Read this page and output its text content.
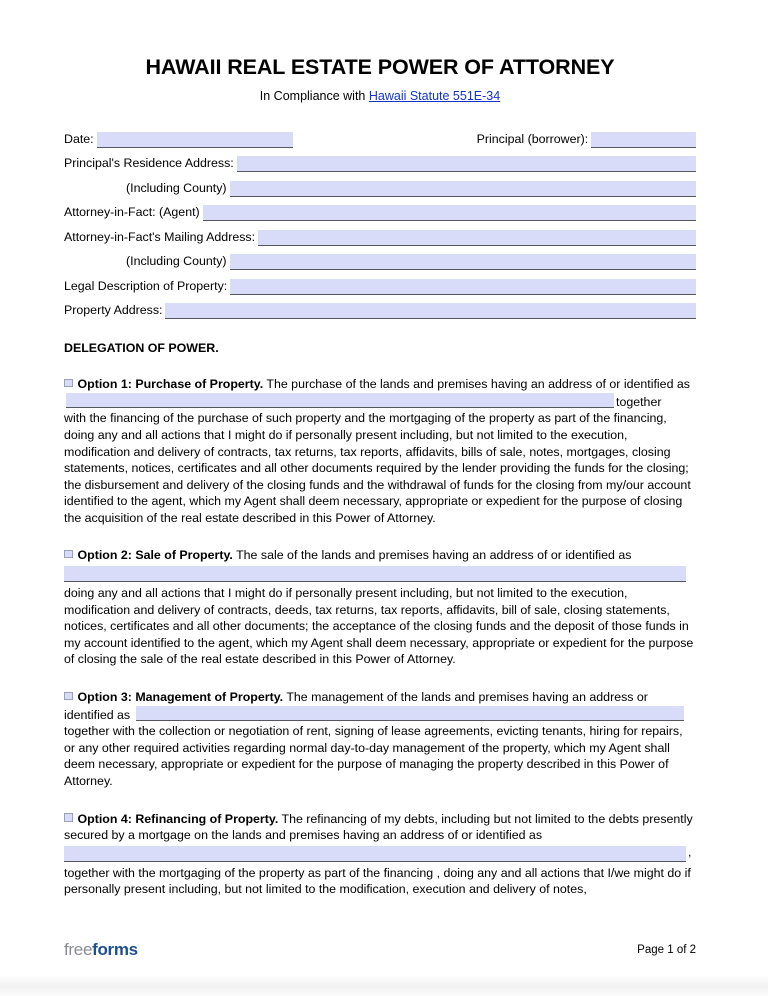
HAWAII REAL ESTATE POWER OF ATTORNEY

In Compliance with Hawaii Statute 551E-34

Date:	Principal (borrower):
Principal's Residence Address:
(Including County)
Attorney-in-Fact: (Agent)
Attorney-in-Fact's Mailing Address:
(Including County)
Legal Description of Property:
Property Address:
DELEGATION OF POWER.

Option 1: Purchase of Property. The purchase of the lands and premises having an address of or identified as together

with the financing of the purchase of such property and the mortgaging of the property as part of the financing, doing any and all actions that I might do if personally present including, but not limited to the execution, modification and delivery of contracts, tax returns, tax reports, affidavits, bills of sale, notes, mortgages, closing statements, notices, certificates and all other documents required by the lender providing the funds for the closing; the disbursement and delivery of the closing funds and the withdrawal of funds for the closing from my/our account identified to the agent, which my Agent shall deem necessary, appropriate or expedient for the purpose of closing the acquisition of the real estate described in this Power of Attorney.

Option 2: Sale of Property. The sale of the lands and premises having an address of or identified as

doing any and all actions that I might do if personally present including, but not limited to the execution, modification and delivery of contracts, deeds, tax returns, tax reports, affidavits, bill of sale, closing statements, notices, certificates and all other documents; the acceptance of the closing funds and the deposit of those funds in my account identified to the agent, which my Agent shall deem necessary, appropriate or expedient for the purpose of closing the sale of the real estate described in this Power of Attorney.

Option 3: Management of Property. The management of the lands and premises having an address or identified as

together with the collection or negotiation of rent, signing of lease agreements, evicting tenants, hiring for repairs, or any other required activities regarding normal day-to-day management of the property, which my Agent shall deem necessary, appropriate or expedient for the purpose of managing the property described in this Power of Attorney.

Option 4: Refinancing of Property. The refinancing of my debts, including but not limited to the debts presently secured by a mortgage on the lands and premises having an address of or identified as

,

together with the mortgaging of the property as part of the financing , doing any and all actions that I/we might do if personally present including, but not limited to the modification, execution and delivery of notes,

freeforms	Page 1 of 2
